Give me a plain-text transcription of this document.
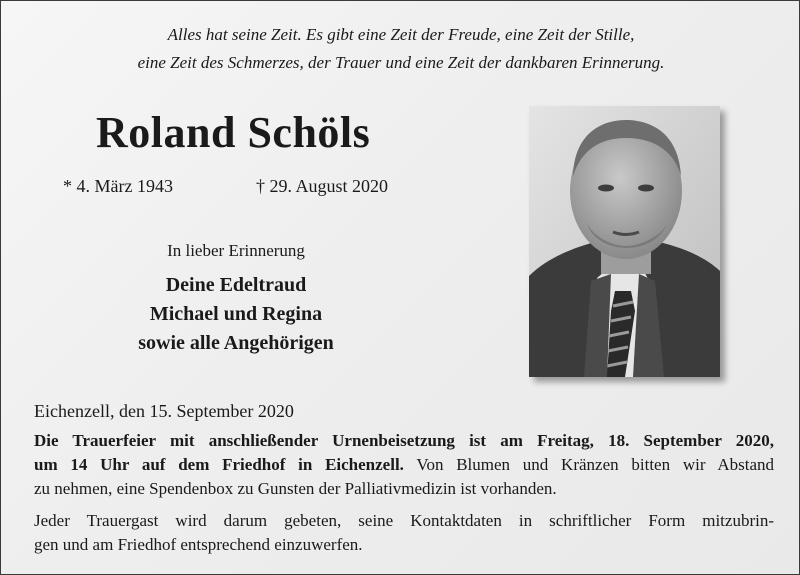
Alles hat seine Zeit. Es gibt eine Zeit der Freude, eine Zeit der Stille,
eine Zeit des Schmerzes, der Trauer und eine Zeit der dankbaren Erinnerung.
Roland Schöls
* 4. März 1943	† 29. August 2020
In lieber Erinnerung
Deine Edeltraud
Michael und Regina
sowie alle Angehörigen
Eichenzell, den 15. September 2020
Die Trauerfeier mit anschließender Urnenbeisetzung ist am Freitag, 18. September 2020,
um 14 Uhr auf dem Friedhof in Eichenzell. Von Blumen und Kränzen bitten wir Abstand
zu nehmen, eine Spendenbox zu Gunsten der Palliativmedizin ist vorhanden.
Jeder Trauergast wird darum gebeten, seine Kontaktdaten in schriftlicher Form mitzubrin-
gen und am Friedhof entsprechend einzuwerfen.
